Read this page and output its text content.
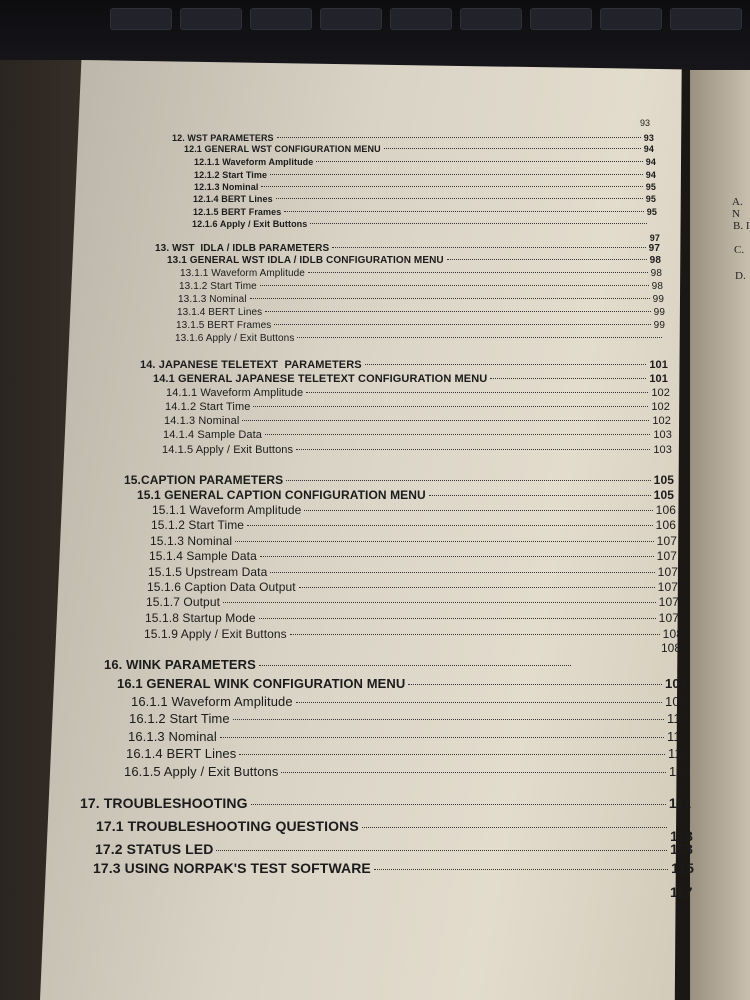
A. N
B. I
C.
D.
93
12. WST PARAMETERS	93
12.1 GENERAL WST CONFIGURATION MENU	94
12.1.1 Waveform Amplitude	94
12.1.2 Start Time	94
12.1.3 Nominal	95
12.1.4 BERT Lines	95
12.1.5 BERT Frames	95
12.1.6 Apply / Exit Buttons
97
13. WST  IDLA / IDLB PARAMETERS	97
13.1 GENERAL WST IDLA / IDLB CONFIGURATION MENU	98
13.1.1 Waveform Amplitude	98
13.1.2 Start Time	98
13.1.3 Nominal	99
13.1.4 BERT Lines	99
13.1.5 BERT Frames	99
13.1.6 Apply / Exit Buttons
14. JAPANESE TELETEXT  PARAMETERS	101
14.1 GENERAL JAPANESE TELETEXT CONFIGURATION MENU	101
14.1.1 Waveform Amplitude	102
14.1.2 Start Time	102
14.1.3 Nominal	102
14.1.4 Sample Data	103
14.1.5 Apply / Exit Buttons	103
15.CAPTION PARAMETERS	105
15.1 GENERAL CAPTION CONFIGURATION MENU	105
15.1.1 Waveform Amplitude	106
15.1.2 Start Time	106
15.1.3 Nominal	107
15.1.4 Sample Data	107
15.1.5 Upstream Data	107
15.1.6 Caption Data Output	107
15.1.7 Output	107
15.1.8 Startup Mode	107
15.1.9 Apply / Exit Buttons	108
108
16. WINK PARAMETERS
16.1 GENERAL WINK CONFIGURATION MENU	109
16.1.1 Waveform Amplitude	109
16.1.2 Start Time	110
16.1.3 Nominal	110
16.1.4 BERT Lines	110
16.1.5 Apply / Exit Buttons	110
17. TROUBLESHOOTING	111
17.1 TROUBLESHOOTING QUESTIONS
113
17.2 STATUS LED	113
17.3 USING NORPAK'S TEST SOFTWARE	115
117
